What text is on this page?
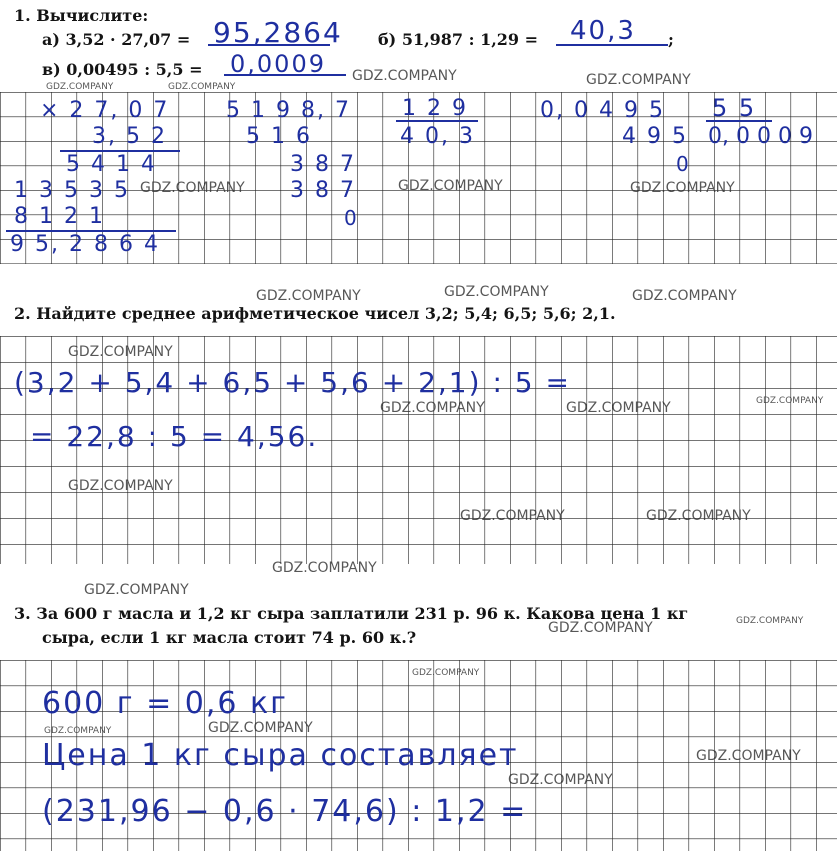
1. Вычислите:
а) 3,52 · 27,07 = 95,2864 б) 51,987 : 1,29 = 40,3 ;
в) 0,00495 : 5,5 = 0,0009
× 2 7, 0 7
3, 5 2
5 4 1 4
1 3 5 3 5
8 1 2 1
9 5, 2 8 6 4
5 1 9 8, 7
5 1 6
3 8 7
3 8 7
0
1 2 9
4 0, 3
0, 0 4 9 5
4 9 5
0
5 5
0, 0 0 0 9
2. Найдите среднее арифметическое чисел 3,2; 5,4; 6,5; 5,6; 2,1.
(3,2 + 5,4 + 6,5 + 5,6 + 2,1) : 5 =
= 22,8 : 5 = 4,56.
3. За 600 г масла и 1,2 кг сыра заплатили 231 р. 96 к. Какова цена 1 кг
сыра, если 1 кг масла стоит 74 р. 60 к.?
600 г = 0,6 кг
Цена 1 кг сыра составляет
(231,96 − 0,6 · 74,6) : 1,2 =
GDZ.COMPANY	GDZ.COMPANY
GDZ.COMPANY	GDZ.COMPANY
GDZ.COMPANY	GDZ.COMPANY	GDZ.COMPANY
GDZ.COMPANY	GDZ.COMPANY	GDZ.COMPANY
GDZ.COMPANY
GDZ.COMPANY	GDZ.COMPANY	GDZ.COMPANY
GDZ.COMPANY
GDZ.COMPANY	GDZ.COMPANY
GDZ.COMPANY
GDZ.COMPANY
GDZ.COMPANY	GDZ.COMPANY
GDZ.COMPANY
GDZ.COMPANY	GDZ.COMPANY
GDZ.COMPANY
GDZ.COMPANY
